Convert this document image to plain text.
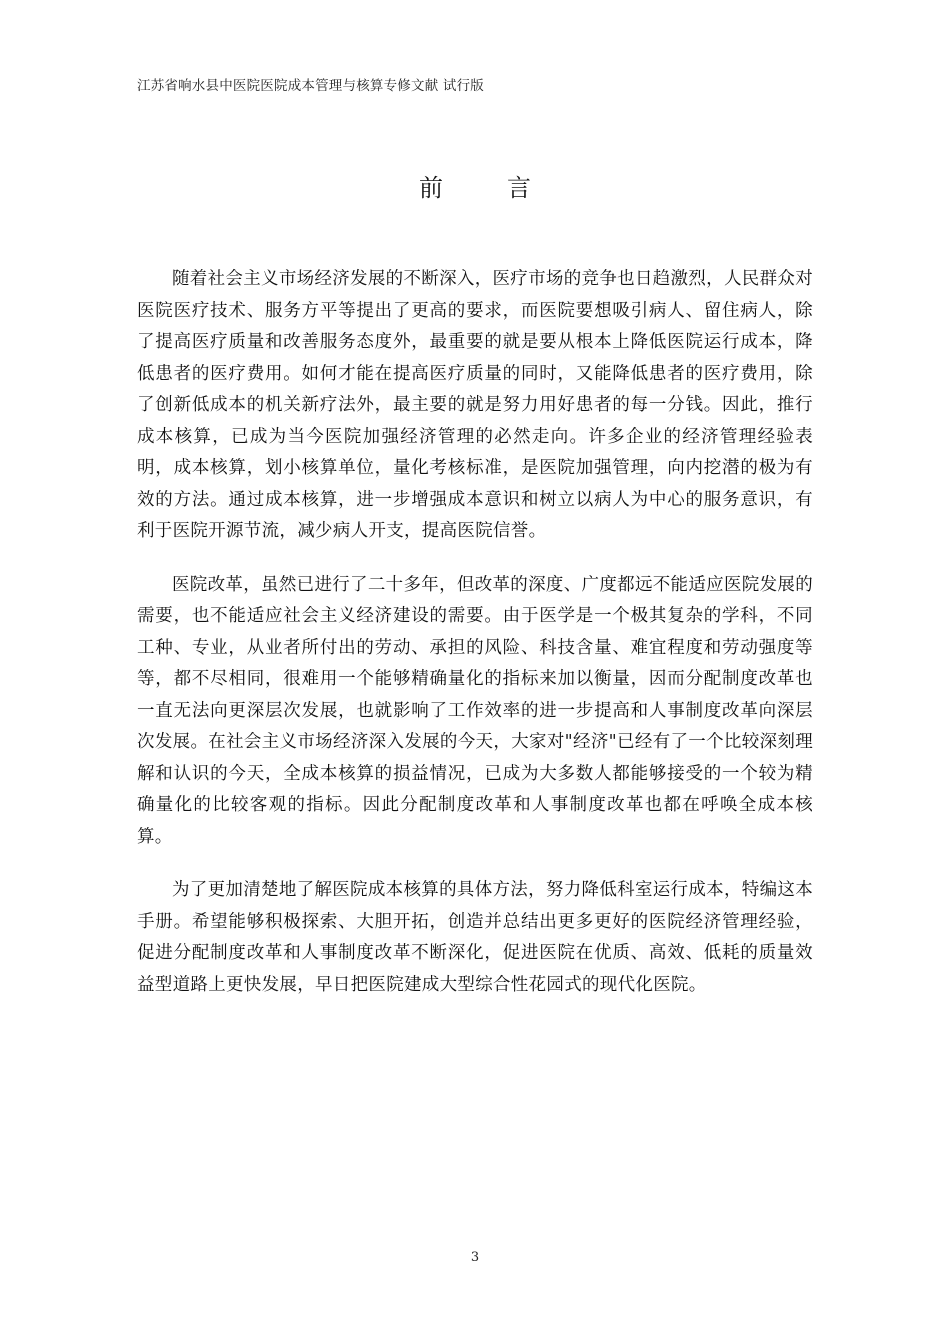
江苏省响水县中医院医院成本管理与核算专修文献 试行版
前言

随着社会主义市场经济发展的不断深入，医疗市场的竞争也日趋激烈，人民群众对医院医疗技术、服务方平等提出了更高的要求，而医院要想吸引病人、留住病人，除了提高医疗质量和改善服务态度外，最重要的就是要从根本上降低医院运行成本，降低患者的医疗费用。如何才能在提高医疗质量的同时，又能降低患者的医疗费用，除了创新低成本的机关新疗法外，最主要的就是努力用好患者的每一分钱。因此，推行成本核算，已成为当今医院加强经济管理的必然走向。许多企业的经济管理经验表明，成本核算，划小核算单位，量化考核标准，是医院加强管理，向内挖潜的极为有效的方法。通过成本核算，进一步增强成本意识和树立以病人为中心的服务意识，有利于医院开源节流，减少病人开支，提高医院信誉。

医院改革，虽然已进行了二十多年，但改革的深度、广度都远不能适应医院发展的需要，也不能适应社会主义经济建设的需要。由于医学是一个极其复杂的学科，不同工种、专业，从业者所付出的劳动、承担的风险、科技含量、难宜程度和劳动强度等等，都不尽相同，很难用一个能够精确量化的指标来加以衡量，因而分配制度改革也一直无法向更深层次发展，也就影响了工作效率的进一步提高和人事制度改革向深层次发展。在社会主义市场经济深入发展的今天，大家对"经济"已经有了一个比较深刻理解和认识的今天，全成本核算的损益情况，已成为大多数人都能够接受的一个较为精确量化的比较客观的指标。因此分配制度改革和人事制度改革也都在呼唤全成本核算。

为了更加清楚地了解医院成本核算的具体方法，努力降低科室运行成本，特编这本手册。希望能够积极探索、大胆开拓，创造并总结出更多更好的医院经济管理经验，促进分配制度改革和人事制度改革不断深化，促进医院在优质、高效、低耗的质量效益型道路上更快发展，早日把医院建成大型综合性花园式的现代化医院。

3
